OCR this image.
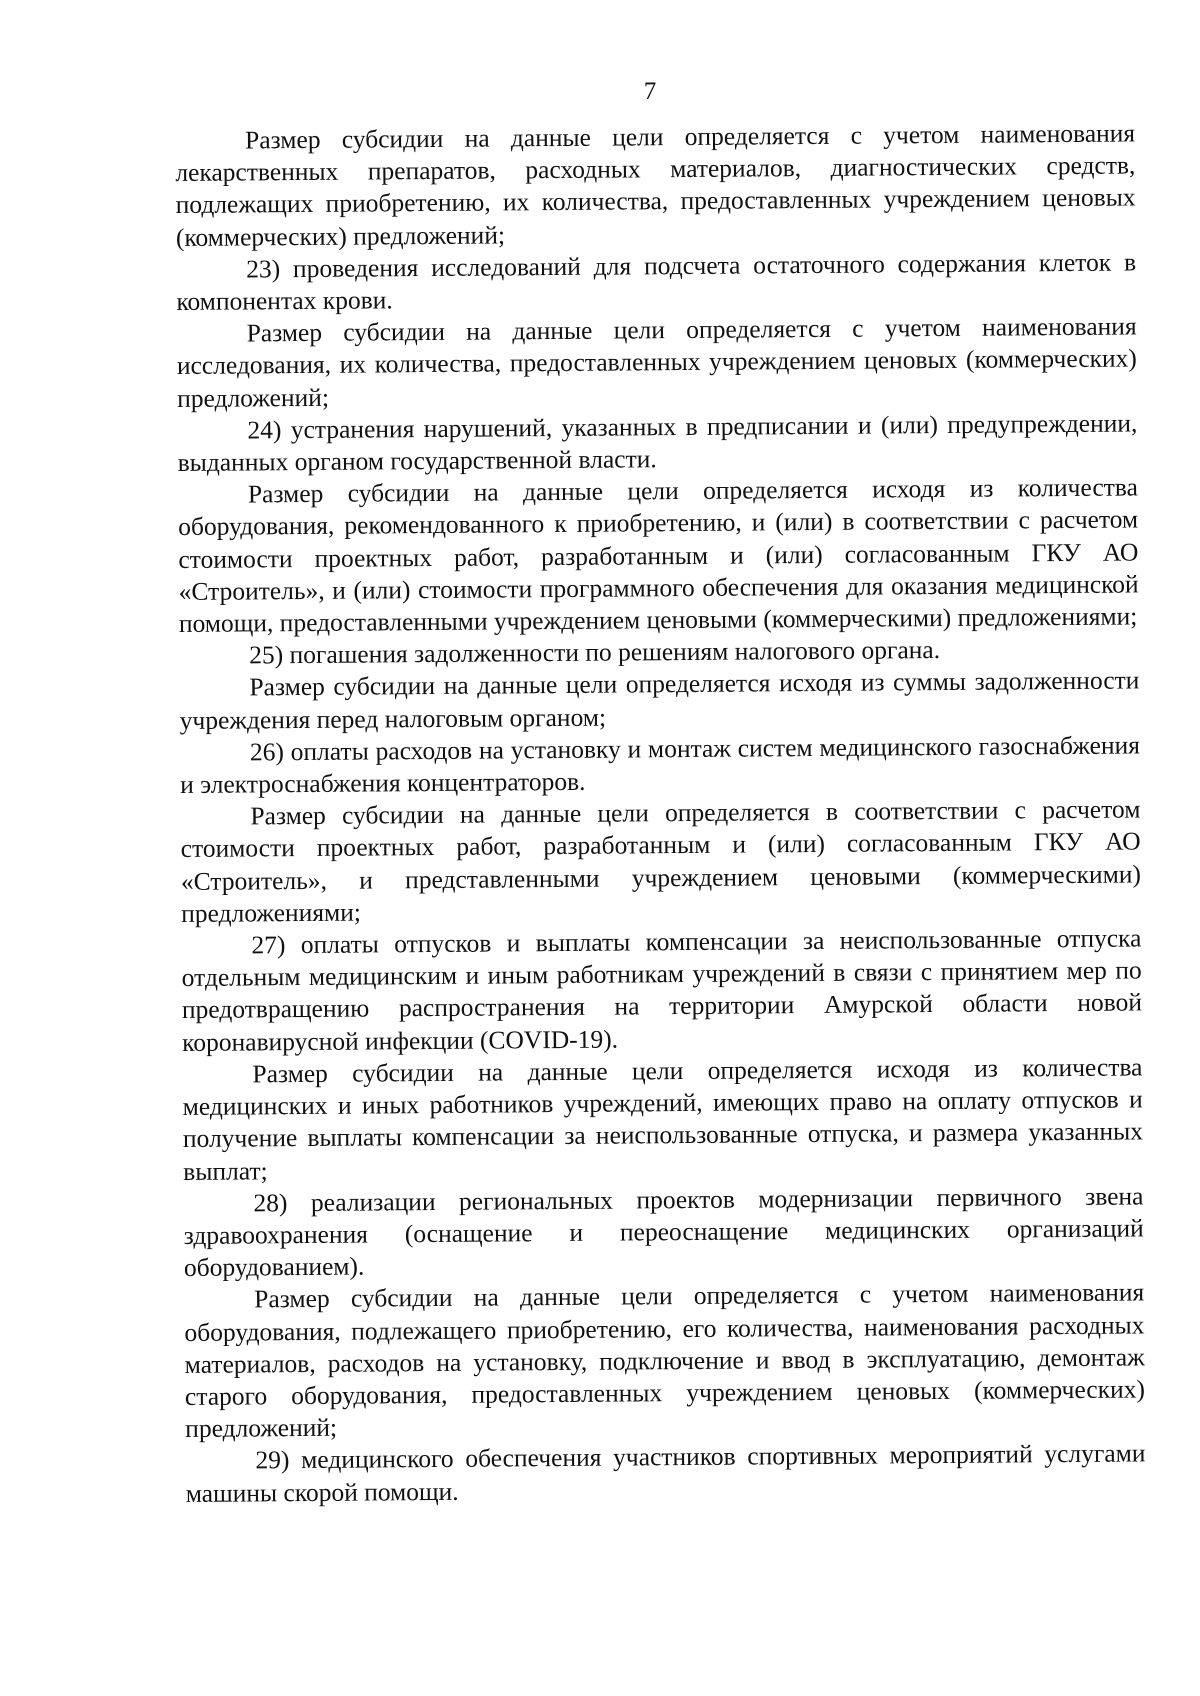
7

Размер субсидии на данные цели определяется с учетом наименования лекарственных препаратов, расходных материалов, диагностических средств, подлежащих приобретению, их количества, предоставленных учреждением ценовых (коммерческих) предложений;

23) проведения исследований для подсчета остаточного содержания клеток в компонентах крови.

Размер субсидии на данные цели определяется с учетом наименования исследования, их количества, предоставленных учреждением ценовых (коммерческих) предложений;

24) устранения нарушений, указанных в предписании и (или) предупреждении, выданных органом государственной власти.

Размер субсидии на данные цели определяется исходя из количества оборудования, рекомендованного к приобретению, и (или) в соответствии с расчетом стоимости проектных работ, разработанным и (или) согласованным ГКУ АО «Строитель», и (или) стоимости программного обеспечения для оказания медицинской помощи, предоставленными учреждением ценовыми (коммерческими) предложениями;

25) погашения задолженности по решениям налогового органа.

Размер субсидии на данные цели определяется исходя из суммы задолженности учреждения перед налоговым органом;

26) оплаты расходов на установку и монтаж систем медицинского газоснабжения и электроснабжения концентраторов.

Размер субсидии на данные цели определяется в соответствии с расчетом стоимости проектных работ, разработанным и (или) согласованным ГКУ АО «Строитель», и представленными учреждением ценовыми (коммерческими) предложениями;

27) оплаты отпусков и выплаты компенсации за неиспользованные отпуска отдельным медицинским и иным работникам учреждений в связи с принятием мер по предотвращению распространения на территории Амурской области новой коронавирусной инфекции (COVID-19).

Размер субсидии на данные цели определяется исходя из количества медицинских и иных работников учреждений, имеющих право на оплату отпусков и получение выплаты компенсации за неиспользованные отпуска, и размера указанных выплат;

28) реализации региональных проектов модернизации первичного звена здравоохранения (оснащение и переоснащение медицинских организаций оборудованием).

Размер субсидии на данные цели определяется с учетом наименования оборудования, подлежащего приобретению, его количества, наименования расходных материалов, расходов на установку, подключение и ввод в эксплуатацию, демонтаж старого оборудования, предоставленных учреждением ценовых (коммерческих) предложений;

29) медицинского обеспечения участников спортивных мероприятий услугами машины скорой помощи.
